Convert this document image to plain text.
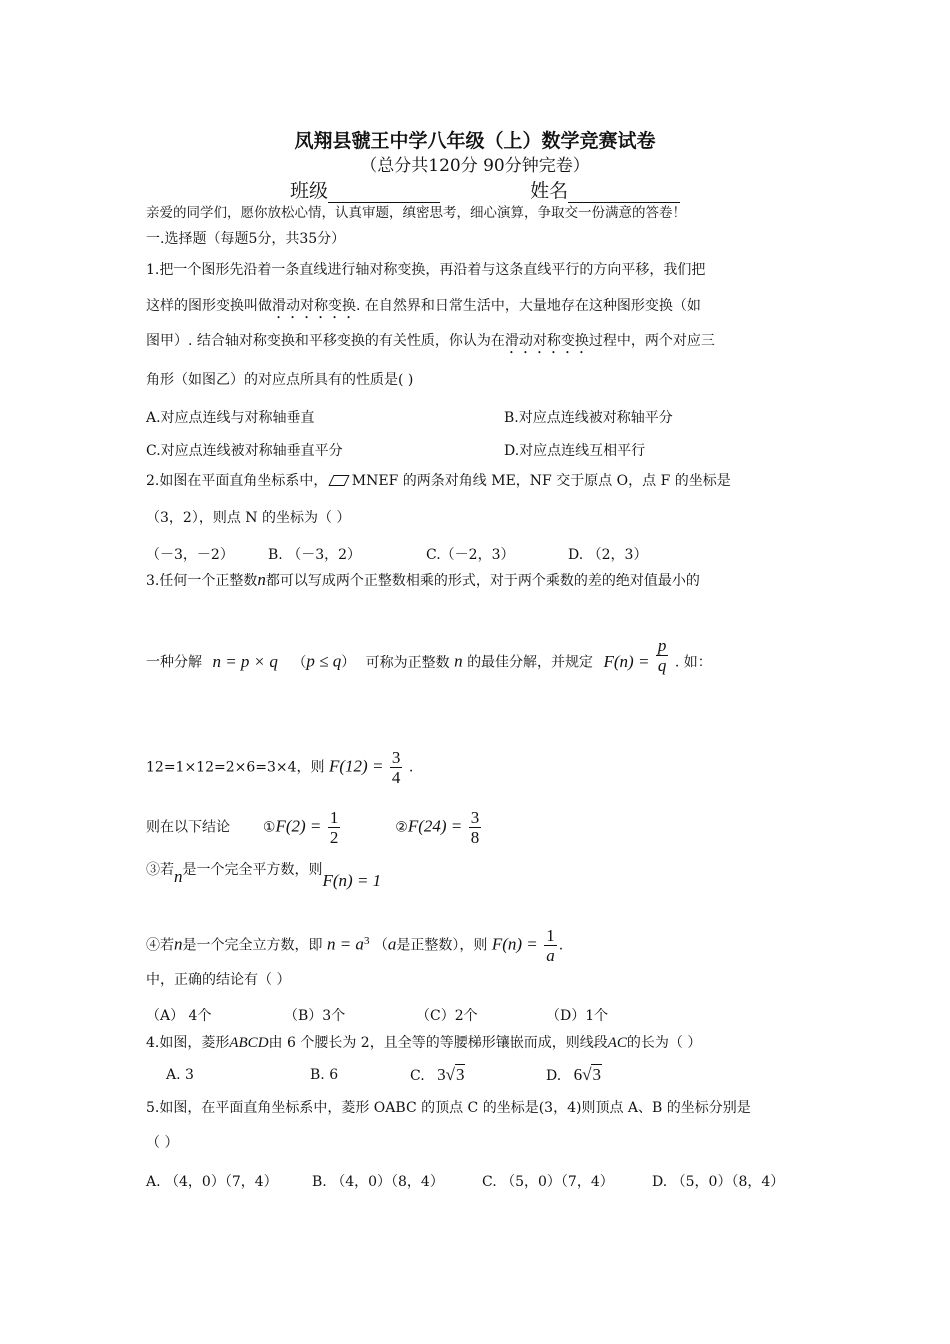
凤翔县虢王中学八年级（上）数学竞赛试卷
（总分共120分 90分钟完卷）
班级	姓名
亲爱的同学们，愿你放松心情，认真审题，缜密思考，细心演算，争取交一份满意的答卷！
一.选择题（每题5分，共35分）
1.把一个图形先沿着一条直线进行轴对称变换，再沿着与这条直线平行的方向平移，我们把
这样的图形变换叫做滑动对称变换. 在自然界和日常生活中，大量地存在这种图形变换（如
图甲）. 结合轴对称变换和平移变换的有关性质，你认为在滑动对称变换过程中，两个对应三
角形（如图乙）的对应点所具有的性质是( )
A.对应点连线与对称轴垂直	B.对应点连线被对称轴平分
C.对应点连线被对称轴垂直平分	D.对应点连线互相平行
2.如图在平面直角坐标系中，
MNEF 的两条对角线 ME，NF 交于原点 O，点 F 的坐标是
（3，2），则点 N 的坐标为（ ）
（－3，－2） B. （－3，2）	C.（－2，3）	D. （2，3）
3.任何一个正整数n都可以写成两个正整数相乘的形式，对于两个乘数的差的绝对值最小的
一种分解 n = p × q （p ≤ q） 可称为正整数 n 的最佳分解，并规定 $F(n) = \frac{p}{q}$ . 如：
12=1×12=2×6=3×4，则 $F(12) = \frac{3}{4}$ .
则在以下结论 ①F(2) = $\frac{1}{2}$	②F(24) = $\frac{3}{8}$
③若n是一个完全平方数，则F(n) = 1
④若n是一个完全立方数，即 $n = a^3$ （a是正整数），则 $F(n) = \frac{1}{a}$ .
中，正确的结论有（ ）
（A） 4个	（B）3个	（C）2个	（D）1个
4.如图，菱形ABCD由 6 个腰长为 2，且全等的等腰梯形镶嵌而成，则线段AC的长为（ ）
A. 3	B. 6	C. 3√3	D. 6√3
5.如图，在平面直角坐标系中，菱形 OABC 的顶点 C 的坐标是(3，4)则顶点 A、B 的坐标分别是
（ ）
A. （4，0）（7，4） B. （4，0）（8，4）	C. （5，0）（7，4）	D. （5，0）（8，4）
